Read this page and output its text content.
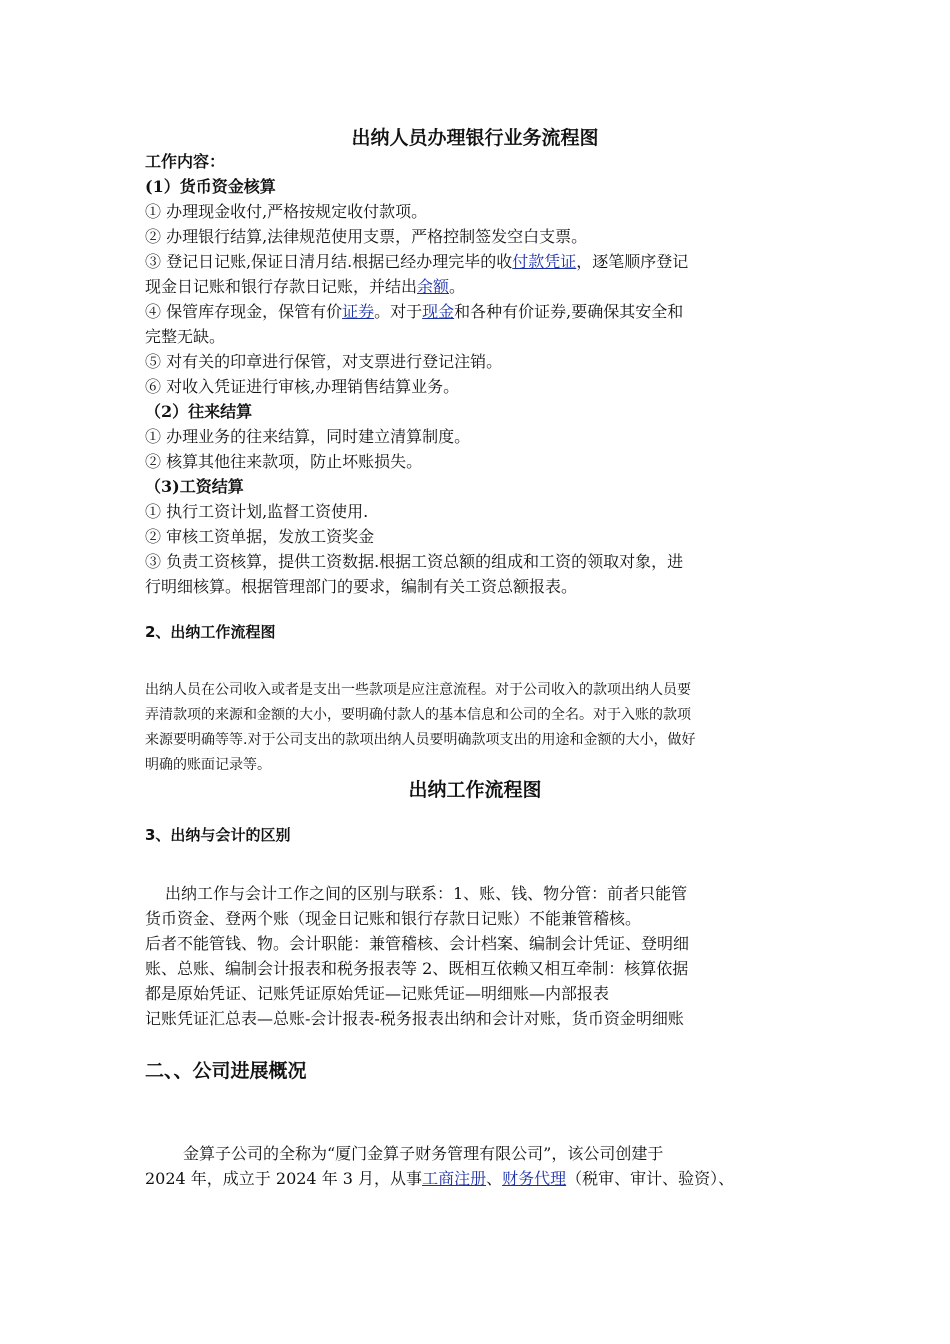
出纳人员办理银行业务流程图
工作内容：
(1）货币资金核算
① 办理现金收付,严格按规定收付款项。
② 办理银行结算,法律规范使用支票，严格控制签发空白支票。
③ 登记日记账,保证日清月结.根据已经办理完毕的收付款凭证，逐笔顺序登记
现金日记账和银行存款日记账，并结出余额。
④ 保管库存现金，保管有价证券。对于现金和各种有价证券,要确保其安全和
完整无缺。
⑤ 对有关的印章进行保管，对支票进行登记注销。
⑥ 对收入凭证进行审核,办理销售结算业务。
（2）往来结算
① 办理业务的往来结算，同时建立清算制度。
② 核算其他往来款项，防止坏账损失。
（3)工资结算
① 执行工资计划,监督工资使用.
② 审核工资单据，发放工资奖金
③ 负责工资核算，提供工资数据.根据工资总额的组成和工资的领取对象，进
行明细核算。根据管理部门的要求，编制有关工资总额报表。
2、出纳工作流程图
出纳人员在公司收入或者是支出一些款项是应注意流程。对于公司收入的款项出纳人员要
弄清款项的来源和金额的大小，要明确付款人的基本信息和公司的全名。对于入账的款项
来源要明确等等.对于公司支出的款项出纳人员要明确款项支出的用途和金额的大小，做好
明确的账面记录等。
出纳工作流程图
3、出纳与会计的区别
出纳工作与会计工作之间的区别与联系：1、账、钱、物分管：前者只能管
货币资金、登两个账（现金日记账和银行存款日记账）不能兼管稽核。
后者不能管钱、物。会计职能：兼管稽核、会计档案、编制会计凭证、登明细
账、总账、编制会计报表和税务报表等 2、既相互依赖又相互牵制：核算依据
都是原始凭证、记账凭证原始凭证—记账凭证—明细账—内部报表
记账凭证汇总表—总账-会计报表-税务报表出纳和会计对账，货币资金明细账
二、、公司进展概况
金算子公司的全称为“厦门金算子财务管理有限公司”，该公司创建于
2024 年，成立于 2024 年 3 月，从事工商注册、财务代理（税审、审计、验资）、
